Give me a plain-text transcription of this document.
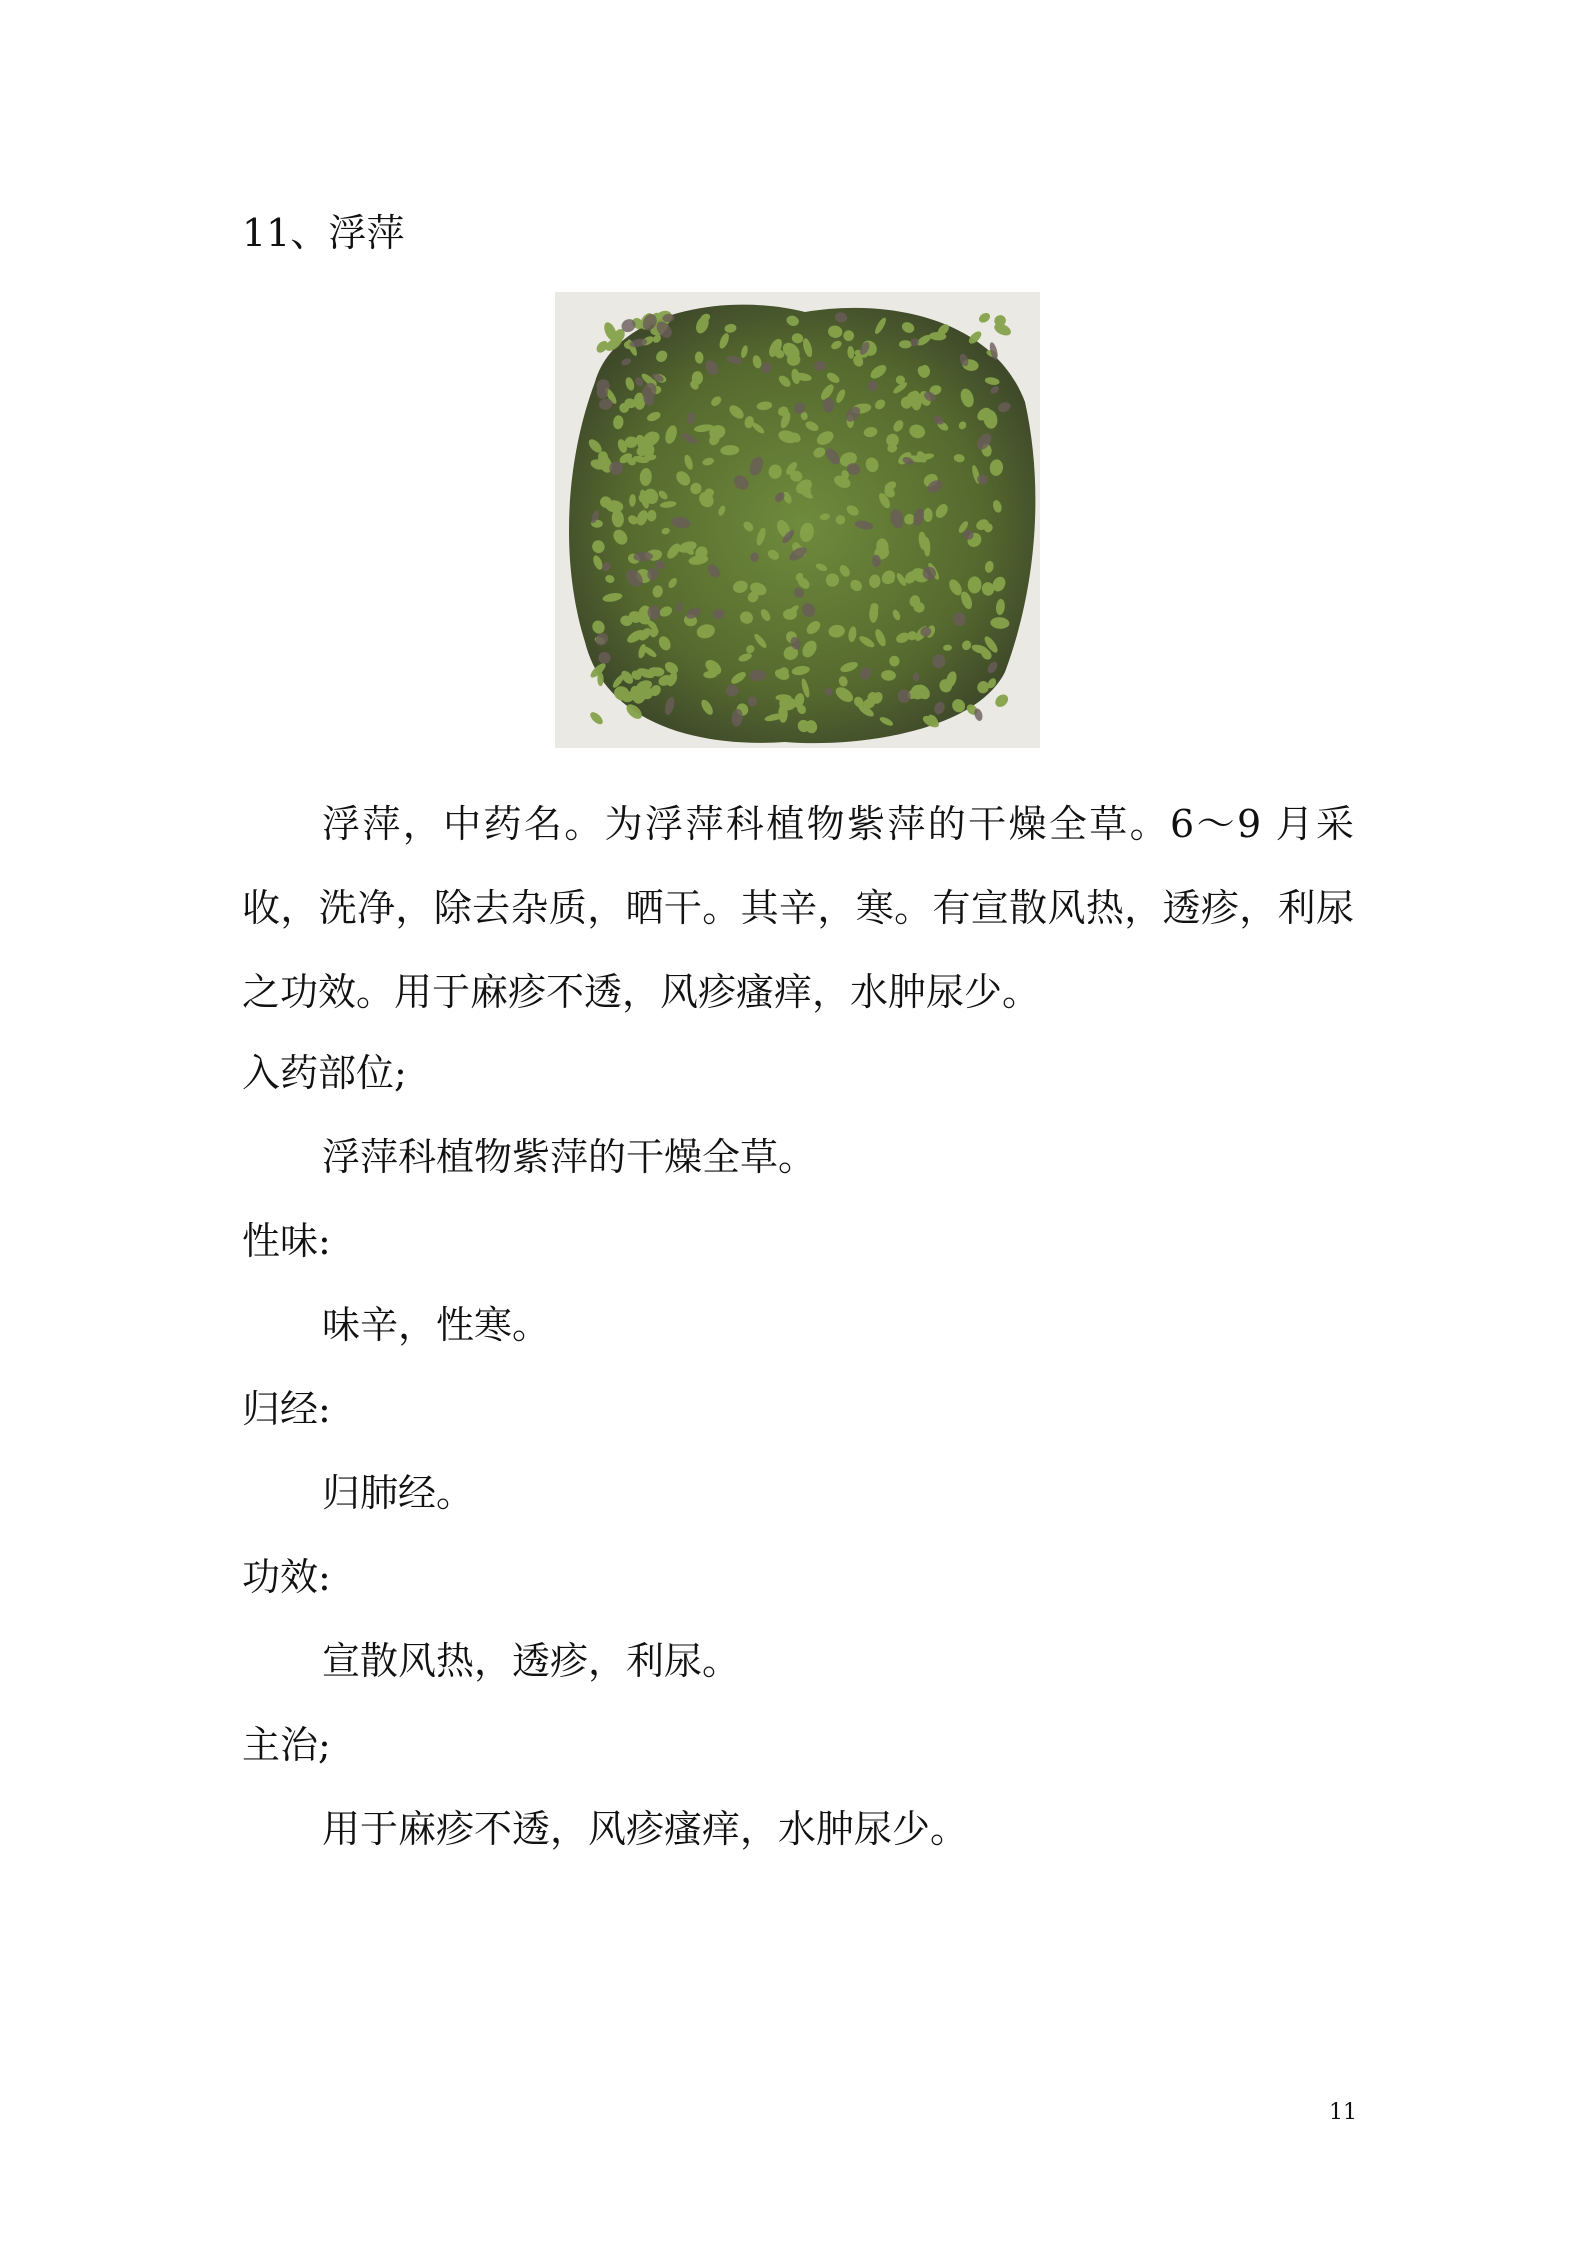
11、浮萍

浮萍，中药名。为浮萍科植物紫萍的干燥全草。6～9 月采收，洗净，除去杂质，晒干。其辛，寒。有宣散风热，透疹，利尿之功效。用于麻疹不透，风疹瘙痒，水肿尿少。

入药部位;
浮萍科植物紫萍的干燥全草。
性味:
味辛，性寒。
归经:
归肺经。
功效:
宣散风热，透疹，利尿。
主治;
用于麻疹不透，风疹瘙痒，水肿尿少。
11
